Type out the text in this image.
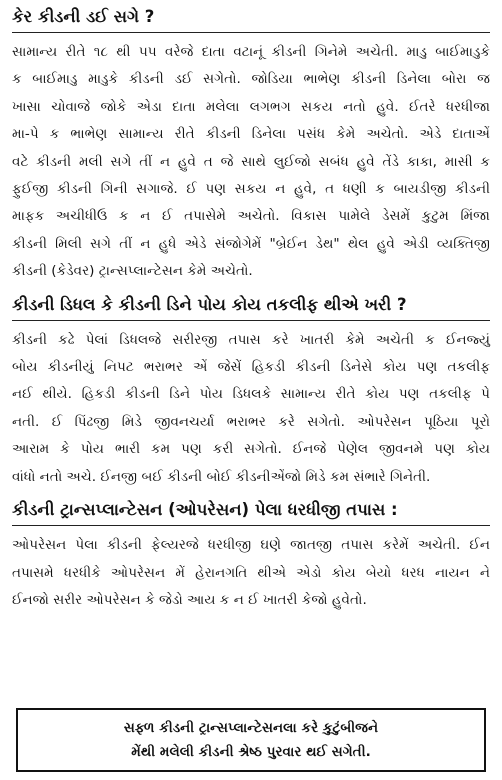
કેર કીડની ડઈ સગે ?
સામાન્ય રીતે ૧૮ થી ૫૫ વરેજે દાતા વટાનૂં કીડની ગિનેમે અચેતી. માડુ બાઈમાડુકે
ક બાઈમાડુ માડુકે કીડની ડઈ સગેતો. જોડિયા ભાભેણ કીડની ડિનેલા બોરા જ
ખાસા ચોવાજે જોકે એડા દાતા મલેલા લગભગ સકય નતો હુવે. ઈતરે ધરધીજા
મા-પે ક ભાભેણ સામાન્ય રીતે કીડની ડિનેલા પસંધ કેમે અચેતો. એડે દાતાએં
વટે કીડની મલી સગે તીં ન હુવે ત જે સાથે લુઈજો સબંધ હુવે તેંડે કાકા, માસી ક
ફુઈજી કીડની ગિની સગાજે. ઈ પણ સકય ન હુવે, ત ધણી ક બાયડીજી કીડની
માફક અચીધીઉ ક ન ઈ તપાસેમે અચેતો. વિકાસ પામેલે ડેસમેં કુટુમ મિંજા
કીડની મિલી સગે તીં ન હુધે એડે સંજોગેમેં "બ્રેઈન ડેથ" થેલ હુવે એડી વ્યક્તિજી
કીડની (કેડેવર) ટ્રાન્સપ્લાન્ટેસન કેમે અચેતો.
કીડની ડિધલ કે કીડની ડિને પોય કોય તકલીફ થીએ ખરી ?
કીડની કઢે પેલાં ડિધલજે સરીરજી તપાસ કરે ખાતરી કેમે અચેતી ક ઈનજ્યું
બોય કીડનીયું નિપટ ભરાભર એં જેસેં હિકડી કીડની ડિનેસે કોય પણ તકલીફ
નઈ થીયે. હિકડી કીડની ડિને પોય ડિધલકે સામાન્ય રીતે કોય પણ તકલીફ પે
નતી. ઈ પિંઢજી મિડે જીવનચર્યા ભરાભર કરે સગેતો. ઓપરેસન પૂઠિયા પૂરો
આરામ કે પોય ભારી કમ પણ કરી સગેતો. ઈનજે પેણેલ જીવનમે પણ કોય
વાંધો નતો અચે. ઈનજી બઈ કીડની બોઈ કીડનીએંજો મિડે કમ સંભારે ગિનેતી.
કીડની ટ્રાન્સપ્લાન્ટેસન (ઓપરેસન) પેલા ધરધીજી તપાસ :
ઓપરેસન પેલા કીડની ફેલ્યરજે ધરધીજી ઘણે જાતજી તપાસ કરેમેં અચેતી. ઈન
તપાસમે ધરધીકે ઓપરેસન મેં હેરાનગતિ થીએ એડો કોય બેયો ધરધ નાયન ને
ઈનજો સરીર ઓપરેસન કે જેડો આય ક ન ઈ ખાતરી કેજો હુવેતો.
સફ્ળ કીડની ટ્રાન્સપ્લાન્ટેસનલા કરે કુટુંબીજને
મેંથી મલેલી કીડની શ્રેષ્ઠ પુરવાર થઈ સગેતી.
